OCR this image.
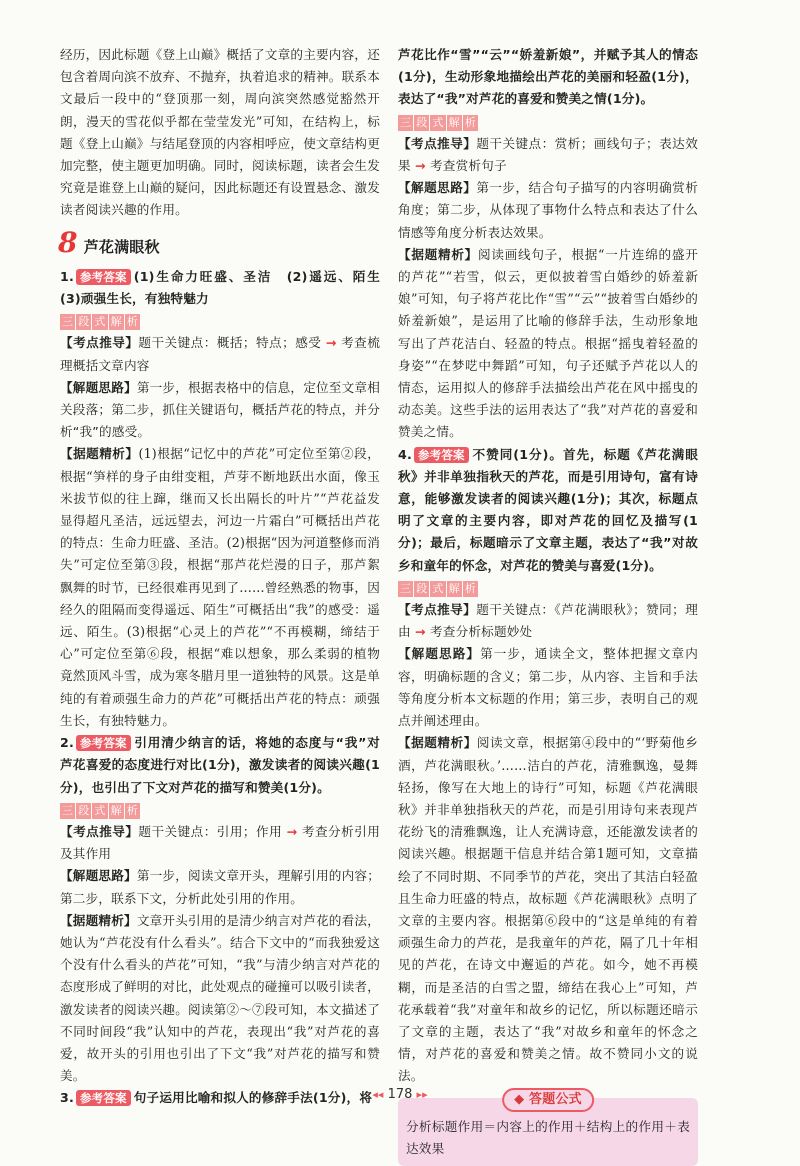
经历，因此标题《登上山巅》概括了文章的主要内容，还包含着周向滨不放弃、不抛弃，执着追求的精神。联系本文最后一段中的“登顶那一刻，周向滨突然感觉豁然开朗，漫天的雪花似乎都在莹莹发光”可知，在结构上，标题《登上山巅》与结尾登顶的内容相呼应，使文章结构更加完整，使主题更加明确。同时，阅读标题，读者会生发究竟是谁登上山巅的疑问，因此标题还有设置悬念、激发读者阅读兴趣的作用。

8 芦花满眼秋

1. 参考答案 (1)生命力旺盛、圣洁　(2)遥远、陌生　(3)顽强生长，有独特魅力

三 段 式 解 析

【考点推导】题干关键点：概括；特点；感受 → 考查梳理概括文章内容

【解题思路】第一步，根据表格中的信息，定位至文章相关段落；第二步，抓住关键语句，概括芦花的特点，并分析“我”的感受。

【据题精析】(1)根据“记忆中的芦花”可定位至第②段，根据“笋样的身子由绀变粗，芦芽不断地跃出水面，像玉米拔节似的往上蹿，继而又长出隔长的叶片”“芦花益发显得超凡圣洁，远远望去，河边一片霜白”可概括出芦花的特点：生命力旺盛、圣洁。(2)根据“因为河道整修而消失”可定位至第③段，根据“那芦花烂漫的日子，那芦絮飘舞的时节，已经很难再见到了……曾经熟悉的物事，因经久的阻隔而变得遥远、陌生”可概括出“我”的感受：遥远、陌生。(3)根据“心灵上的芦花”“不再模糊，缔结于心”可定位至第⑥段，根据“难以想象，那么柔弱的植物竟然顶风斗雪，成为寒冬腊月里一道独特的风景。这是单纯的有着顽强生命力的芦花”可概括出芦花的特点：顽强生长，有独特魅力。

2. 参考答案 引用清少纳言的话，将她的态度与“我”对芦花喜爱的态度进行对比(1分)，激发读者的阅读兴趣(1分)，也引出了下文对芦花的描写和赞美(1分)。

三 段 式 解 析

【考点推导】题干关键点：引用；作用 → 考查分析引用及其作用

【解题思路】第一步，阅读文章开头，理解引用的内容；第二步，联系下文，分析此处引用的作用。

【据题精析】文章开头引用的是清少纳言对芦花的看法，她认为“芦花没有什么看头”。结合下文中的“而我独爱这个没有什么看头的芦花”可知，“我”与清少纳言对芦花的态度形成了鲜明的对比，此处观点的碰撞可以吸引读者，激发读者的阅读兴趣。阅读第②～⑦段可知，本文描述了不同时间段“我”认知中的芦花，表现出“我”对芦花的喜爱，故开头的引用也引出了下文“我”对芦花的描写和赞美。

3. 参考答案 句子运用比喻和拟人的修辞手法(1分)，将

芦花比作“雪”“云”“娇羞新娘”，并赋予其人的情态(1分)，生动形象地描绘出芦花的美丽和轻盈(1分)，表达了“我”对芦花的喜爱和赞美之情(1分)。

三 段 式 解 析

【考点推导】题干关键点：赏析；画线句子；表达效果 → 考查赏析句子

【解题思路】第一步，结合句子描写的内容明确赏析角度；第二步，从体现了事物什么特点和表达了什么情感等角度分析表达效果。

【据题精析】阅读画线句子，根据“一片连绵的盛开的芦花”“若雪，似云，更似披着雪白婚纱的娇羞新娘”可知，句子将芦花比作“雪”“云”“披着雪白婚纱的娇羞新娘”，是运用了比喻的修辞手法，生动形象地写出了芦花洁白、轻盈的特点。根据“摇曳着轻盈的身姿”“在梦呓中舞蹈”可知，句子还赋予芦花以人的情态，运用拟人的修辞手法描绘出芦花在风中摇曳的动态美。这些手法的运用表达了“我”对芦花的喜爱和赞美之情。

4. 参考答案 不赞同(1分)。首先，标题《芦花满眼秋》并非单独指秋天的芦花，而是引用诗句，富有诗意，能够激发读者的阅读兴趣(1分)；其次，标题点明了文章的主要内容，即对芦花的回忆及描写(1分)；最后，标题暗示了文章主题，表达了“我”对故乡和童年的怀念，对芦花的赞美与喜爱(1分)。

三 段 式 解 析

【考点推导】题干关键点：《芦花满眼秋》；赞同；理由 → 考查分析标题妙处

【解题思路】第一步，通读全文，整体把握文章内容，明确标题的含义；第二步，从内容、主旨和手法等角度分析本文标题的作用；第三步，表明自己的观点并阐述理由。

【据题精析】阅读文章，根据第④段中的“‘野菊他乡酒，芦花满眼秋。’……洁白的芦花，清雅飘逸，曼舞轻扬，像写在大地上的诗行”可知，标题《芦花满眼秋》并非单独指秋天的芦花，而是引用诗句来表现芦花纷飞的清雅飘逸，让人充满诗意，还能激发读者的阅读兴趣。根据题干信息并结合第1题可知，文章描绘了不同时期、不同季节的芦花，突出了其洁白轻盈且生命力旺盛的特点，故标题《芦花满眼秋》点明了文章的主要内容。根据第⑥段中的“这是单纯的有着顽强生命力的芦花，是我童年的芦花，隔了几十年相见的芦花，在诗文中邂逅的芦花。如今，她不再模糊，而是圣洁的白雪之盟，缔结在我心上”可知，芦花承载着“我”对童年和故乡的记忆，所以标题还暗示了文章的主题，表达了“我”对故乡和童年的怀念之情，对芦花的喜爱和赞美之情。故不赞同小文的说法。

◆ 答题公式

分析标题作用＝内容上的作用＋结构上的作用＋表达效果

◂◂ 178 ▸▸
